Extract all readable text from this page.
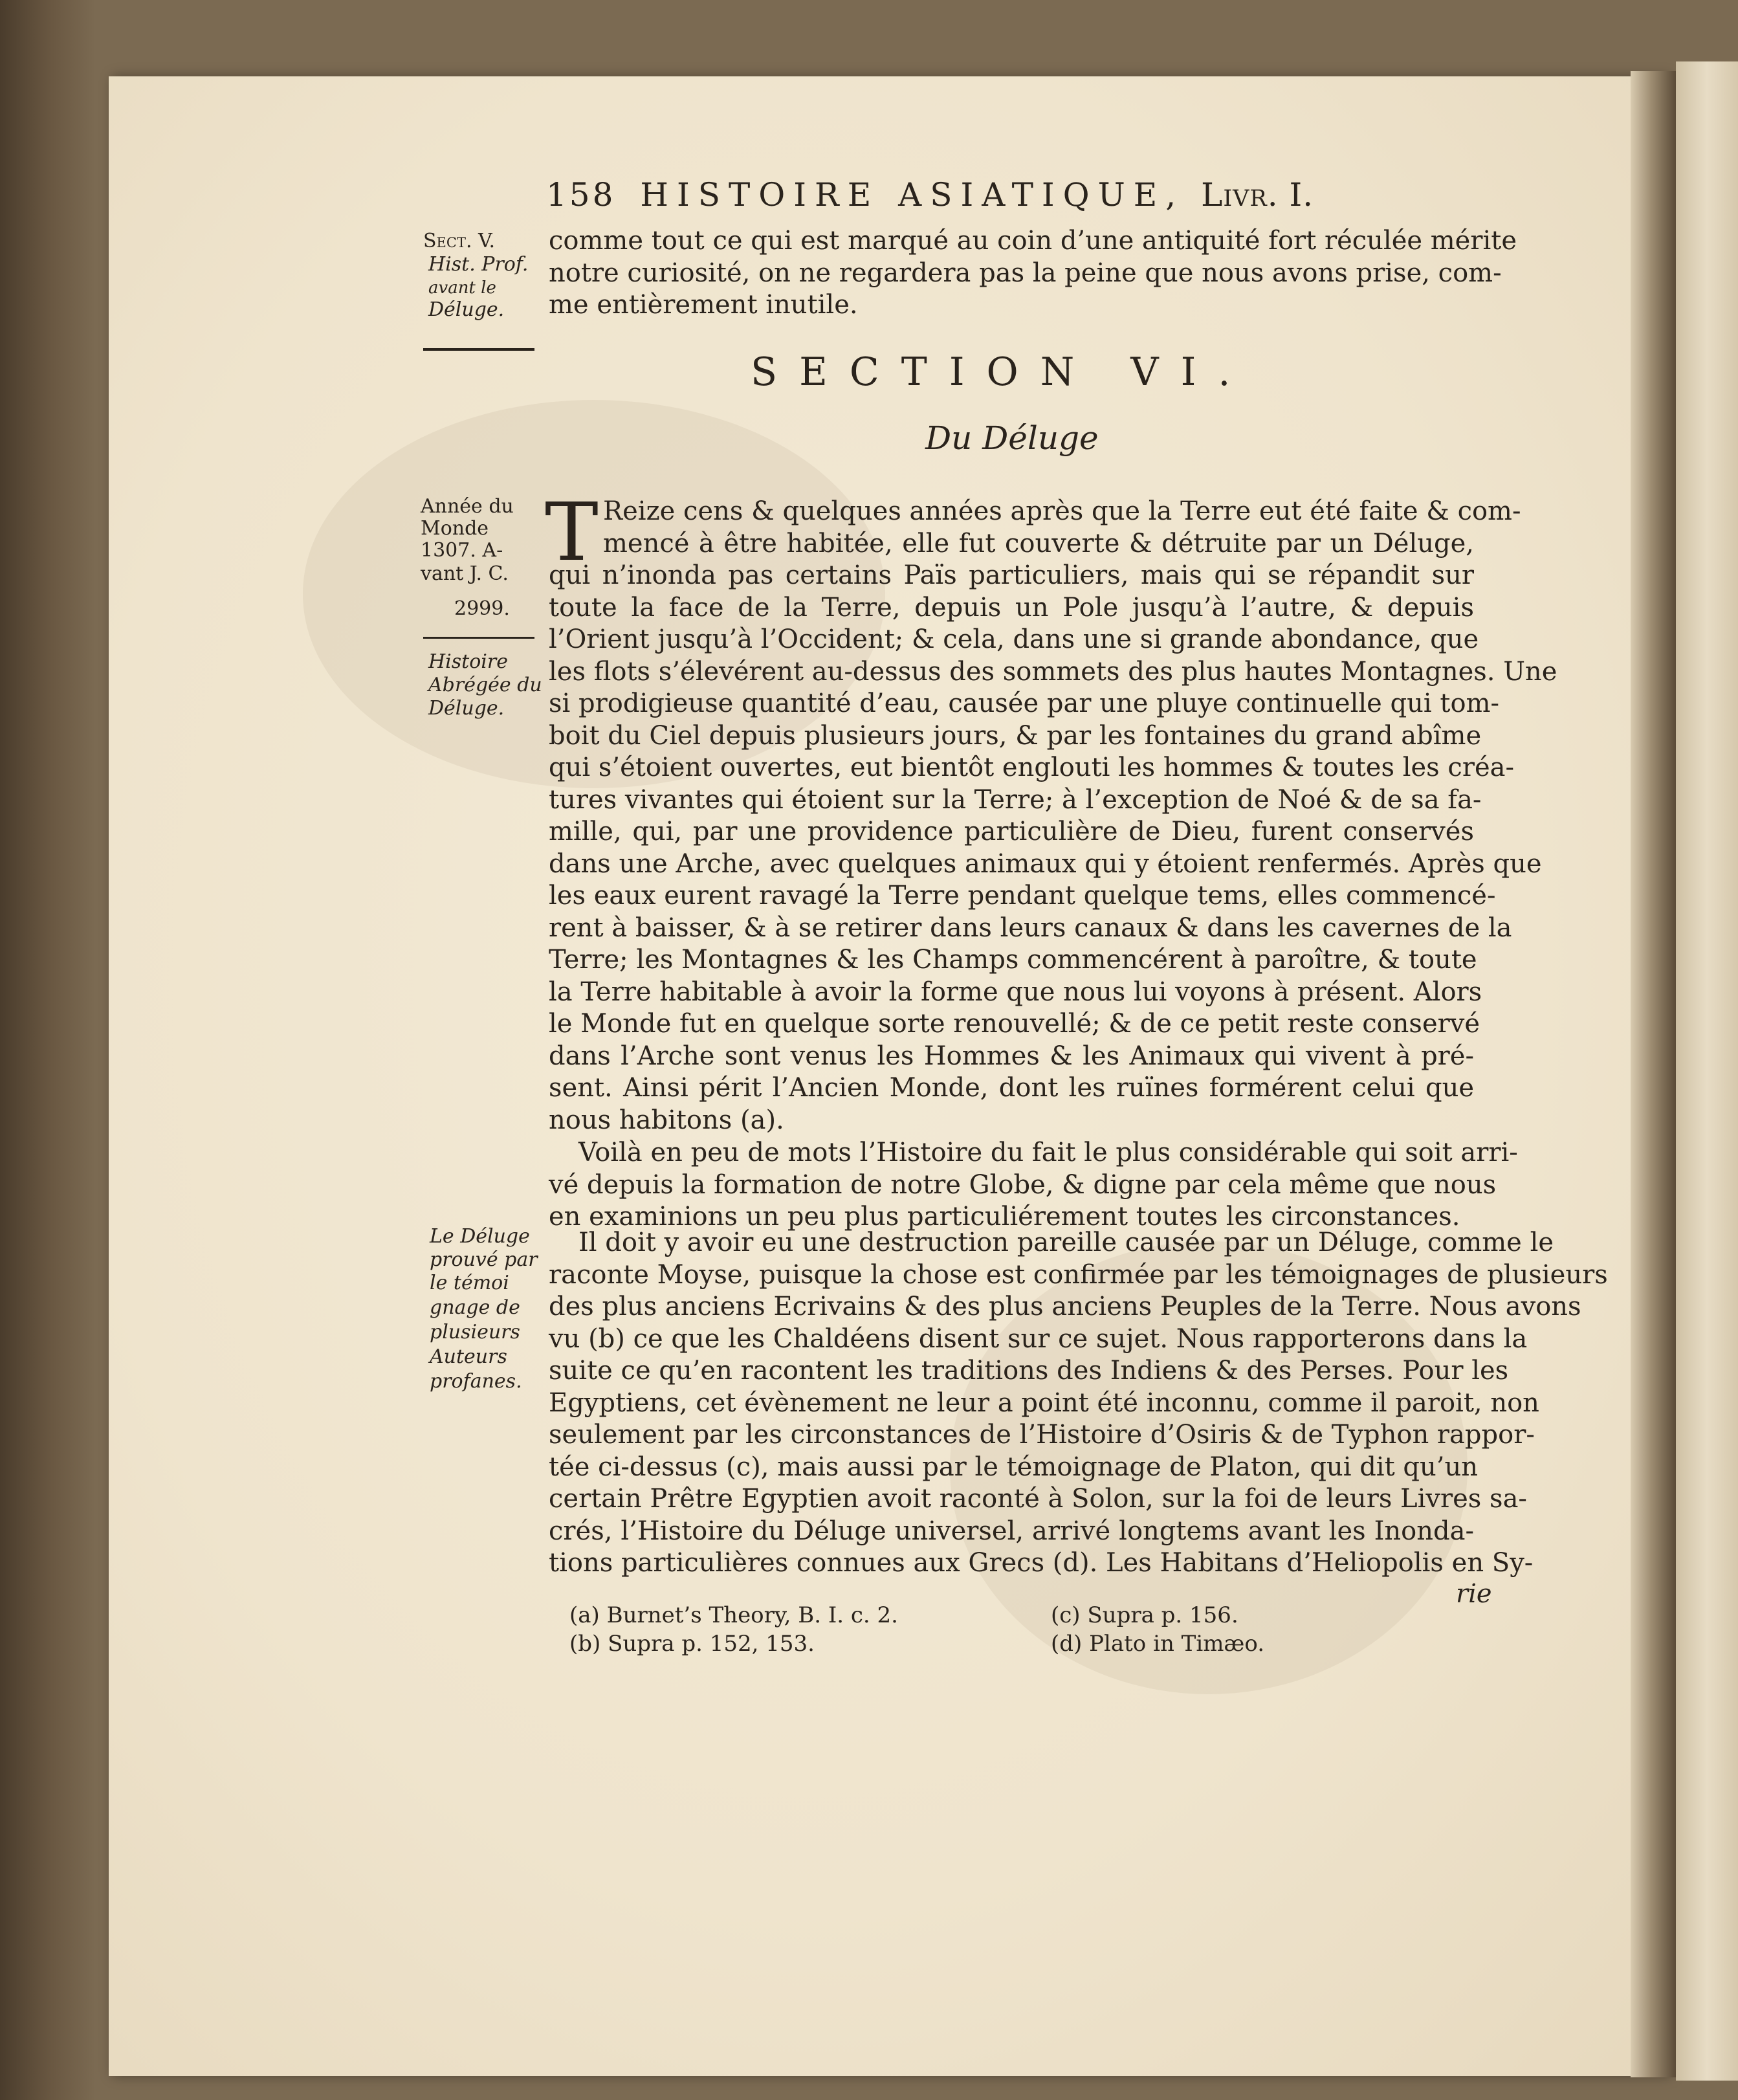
158 HISTOIRE ASIATIQUE, Livr. I.
Sect. V.
Hist. Prof.
avant le
Déluge.
comme tout ce qui est marqué au coin d’une antiquité fort réculée mérite
notre curiosité, on ne regardera pas la peine que nous avons prise, com-
me entièrement inutile.
SECTION VI.
Du Déluge
Année du
Monde
1307. A-
vant J. C.
2999.
Histoire
Abrégée du
Déluge.
T Reize cens & quelques années après que la Terre eut été faite & com-
mencé à être habitée, elle fut couverte & détruite par un Déluge,
qui n’inonda pas certains Païs particuliers, mais qui se répandit sur
toute la face de la Terre, depuis un Pole jusqu’à l’autre, & depuis
l’Orient jusqu’à l’Occident; & cela, dans une si grande abondance, que
les flots s’élevérent au-dessus des sommets des plus hautes Montagnes. Une
si prodigieuse quantité d’eau, causée par une pluye continuelle qui tom-
boit du Ciel depuis plusieurs jours, & par les fontaines du grand abîme
qui s’étoient ouvertes, eut bientôt englouti les hommes & toutes les créa-
tures vivantes qui étoient sur la Terre; à l’exception de Noé & de sa fa-
mille, qui, par une providence particulière de Dieu, furent conservés
dans une Arche, avec quelques animaux qui y étoient renfermés. Après que
les eaux eurent ravagé la Terre pendant quelque tems, elles commencé-
rent à baisser, & à se retirer dans leurs canaux & dans les cavernes de la
Terre; les Montagnes & les Champs commencérent à paroître, & toute
la Terre habitable à avoir la forme que nous lui voyons à présent. Alors
le Monde fut en quelque sorte renouvellé; & de ce petit reste conservé
dans l’Arche sont venus les Hommes & les Animaux qui vivent à pré-
sent. Ainsi périt l’Ancien Monde, dont les ruïnes formérent celui que
nous habitons (a).
Voilà en peu de mots l’Histoire du fait le plus considérable qui soit arri-
vé depuis la formation de notre Globe, & digne par cela même que nous
en examinions un peu plus particuliérement toutes les circonstances.
Le Déluge
prouvé par
le témoi
gnage de
plusieurs
Auteurs
profanes.
Il doit y avoir eu une destruction pareille causée par un Déluge, comme le
raconte Moyse, puisque la chose est confirmée par les témoignages de plusieurs
des plus anciens Ecrivains & des plus anciens Peuples de la Terre. Nous avons
vu (b) ce que les Chaldéens disent sur ce sujet. Nous rapporterons dans la
suite ce qu’en racontent les traditions des Indiens & des Perses. Pour les
Egyptiens, cet évènement ne leur a point été inconnu, comme il paroit, non
seulement par les circonstances de l’Histoire d’Osiris & de Typhon rappor-
tée ci-dessus (c), mais aussi par le témoignage de Platon, qui dit qu’un
certain Prêtre Egyptien avoit raconté à Solon, sur la foi de leurs Livres sa-
crés, l’Histoire du Déluge universel, arrivé longtems avant les Inonda-
tions particulières connues aux Grecs (d). Les Habitans d’Heliopolis en Sy-
rie
(a) Burnet’s Theory, B. I. c. 2.
(b) Supra p. 152, 153.
(c) Supra p. 156.
(d) Plato in Timæo.
